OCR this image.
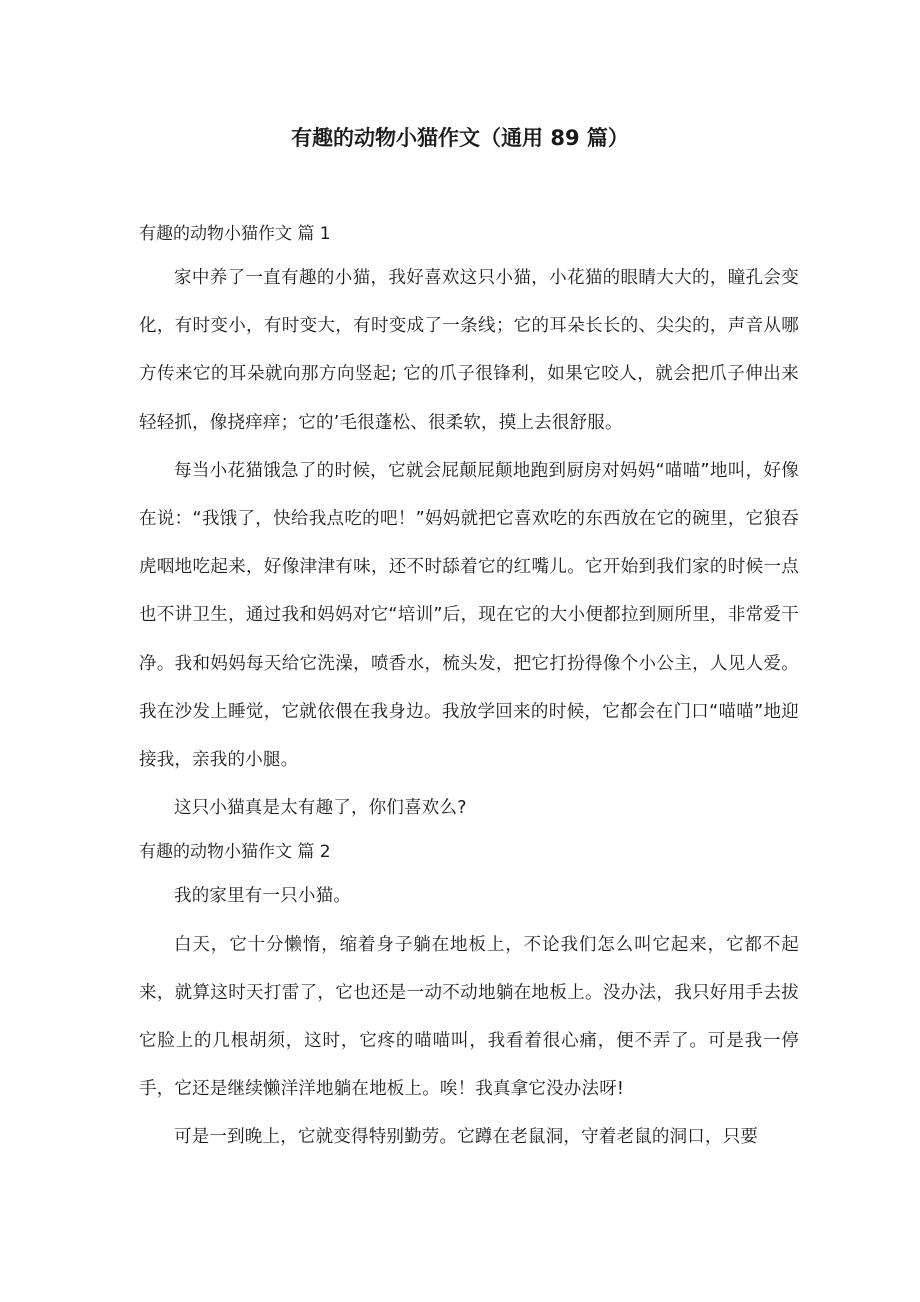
有趣的动物小猫作文（通用 89 篇）
有趣的动物小猫作文 篇 1

家中养了一直有趣的小猫，我好喜欢这只小猫，小花猫的眼睛大大的，瞳孔会变化，有时变小，有时变大，有时变成了一条线；它的耳朵长长的、尖尖的，声音从哪方传来它的耳朵就向那方向竖起; 它的爪子很锋利，如果它咬人，就会把爪子伸出来轻轻抓，像挠痒痒；它的’毛很蓬松、很柔软，摸上去很舒服。

每当小花猫饿急了的时候，它就会屁颠屁颠地跑到厨房对妈妈“喵喵”地叫，好像在说：“我饿了，快给我点吃的吧！”妈妈就把它喜欢吃的东西放在它的碗里，它狼吞虎咽地吃起来，好像津津有味，还不时舔着它的红嘴儿。它开始到我们家的时候一点也不讲卫生，通过我和妈妈对它“培训”后，现在它的大小便都拉到厕所里，非常爱干净。我和妈妈每天给它洗澡，喷香水，梳头发，把它打扮得像个小公主，人见人爱。我在沙发上睡觉，它就依偎在我身边。我放学回来的时候，它都会在门口“喵喵”地迎接我，亲我的小腿。

这只小猫真是太有趣了，你们喜欢么?

有趣的动物小猫作文 篇 2

我的家里有一只小猫。

白天，它十分懒惰，缩着身子躺在地板上，不论我们怎么叫它起来，它都不起来，就算这时天打雷了，它也还是一动不动地躺在地板上。没办法，我只好用手去拔它脸上的几根胡须，这时，它疼的喵喵叫，我看着很心痛，便不弄了。可是我一停手，它还是继续懒洋洋地躺在地板上。唉！我真拿它没办法呀!

可是一到晚上，它就变得特别勤劳。它蹲在老鼠洞，守着老鼠的洞口，只要
